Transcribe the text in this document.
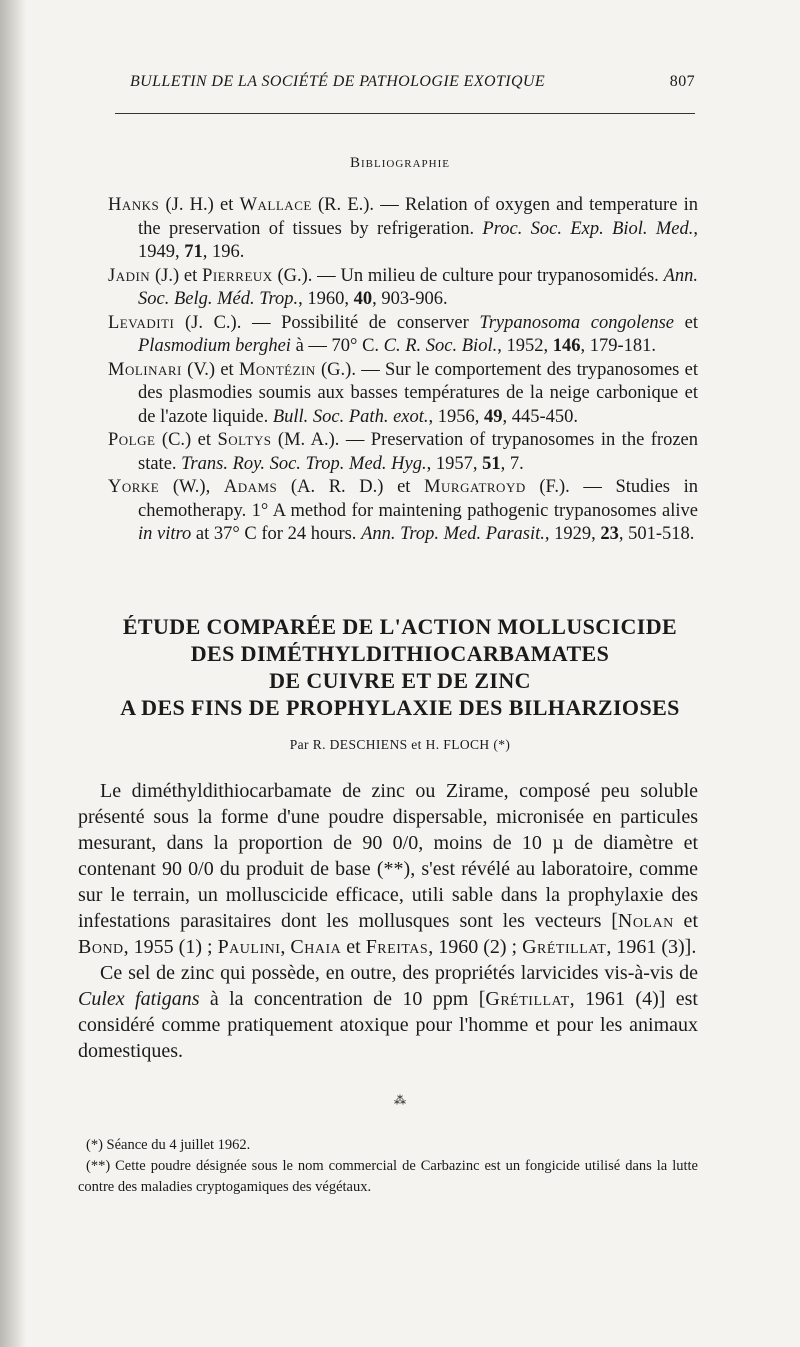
BULLETIN DE LA SOCIÉTÉ DE PATHOLOGIE EXOTIQUE	807
Bibliographie

Hanks (J. H.) et Wallace (R. E.). — Relation of oxygen and temperature in the preservation of tissues by refrigeration. Proc. Soc. Exp. Biol. Med., 1949, 71, 196.

Jadin (J.) et Pierreux (G.). — Un milieu de culture pour trypanosomidés. Ann. Soc. Belg. Méd. Trop., 1960, 40, 903-906.

Levaditi (J. C.). — Possibilité de conserver Trypanosoma congolense et Plasmodium berghei à — 70° C. C. R. Soc. Biol., 1952, 146, 179-181.

Molinari (V.) et Montézin (G.). — Sur le comportement des trypanosomes et des plasmodies soumis aux basses températures de la neige carbonique et de l'azote liquide. Bull. Soc. Path. exot., 1956, 49, 445-450.

Polge (C.) et Soltys (M. A.). — Preservation of trypanosomes in the frozen state. Trans. Roy. Soc. Trop. Med. Hyg., 1957, 51, 7.

Yorke (W.), Adams (A. R. D.) et Murgatroyd (F.). — Studies in chemotherapy. 1° A method for maintening pathogenic trypanosomes alive in vitro at 37° C for 24 hours. Ann. Trop. Med. Parasit., 1929, 23, 501-518.

ÉTUDE COMPARÉE DE L'ACTION MOLLUSCICIDE
DES DIMÉTHYLDITHIOCARBAMATES
DE CUIVRE ET DE ZINC
A DES FINS DE PROPHYLAXIE DES BILHARZIOSES
Par R. DESCHIENS et H. FLOCH (*)

Le diméthyldithiocarbamate de zinc ou Zirame, composé peu soluble présenté sous la forme d'une poudre dispersable, micronisée en particules mesurant, dans la proportion de 90 0/0, moins de 10 µ de diamètre et contenant 90 0/0 du produit de base (**), s'est révélé au laboratoire, comme sur le terrain, un molluscicide efficace, utili sable dans la prophylaxie des infestations parasitaires dont les mollusques sont les vecteurs [Nolan et Bond, 1955 (1) ; Paulini, Chaia et Freitas, 1960 (2) ; Grétillat, 1961 (3)].

Ce sel de zinc qui possède, en outre, des propriétés larvicides vis-à-vis de Culex fatigans à la concentration de 10 ppm [Grétillat, 1961 (4)] est considéré comme pratiquement atoxique pour l'homme et pour les animaux domestiques.

⁂

(*) Séance du 4 juillet 1962.

(**) Cette poudre désignée sous le nom commercial de Carbazinc est un fongicide utilisé dans la lutte contre des maladies cryptogamiques des végétaux.
